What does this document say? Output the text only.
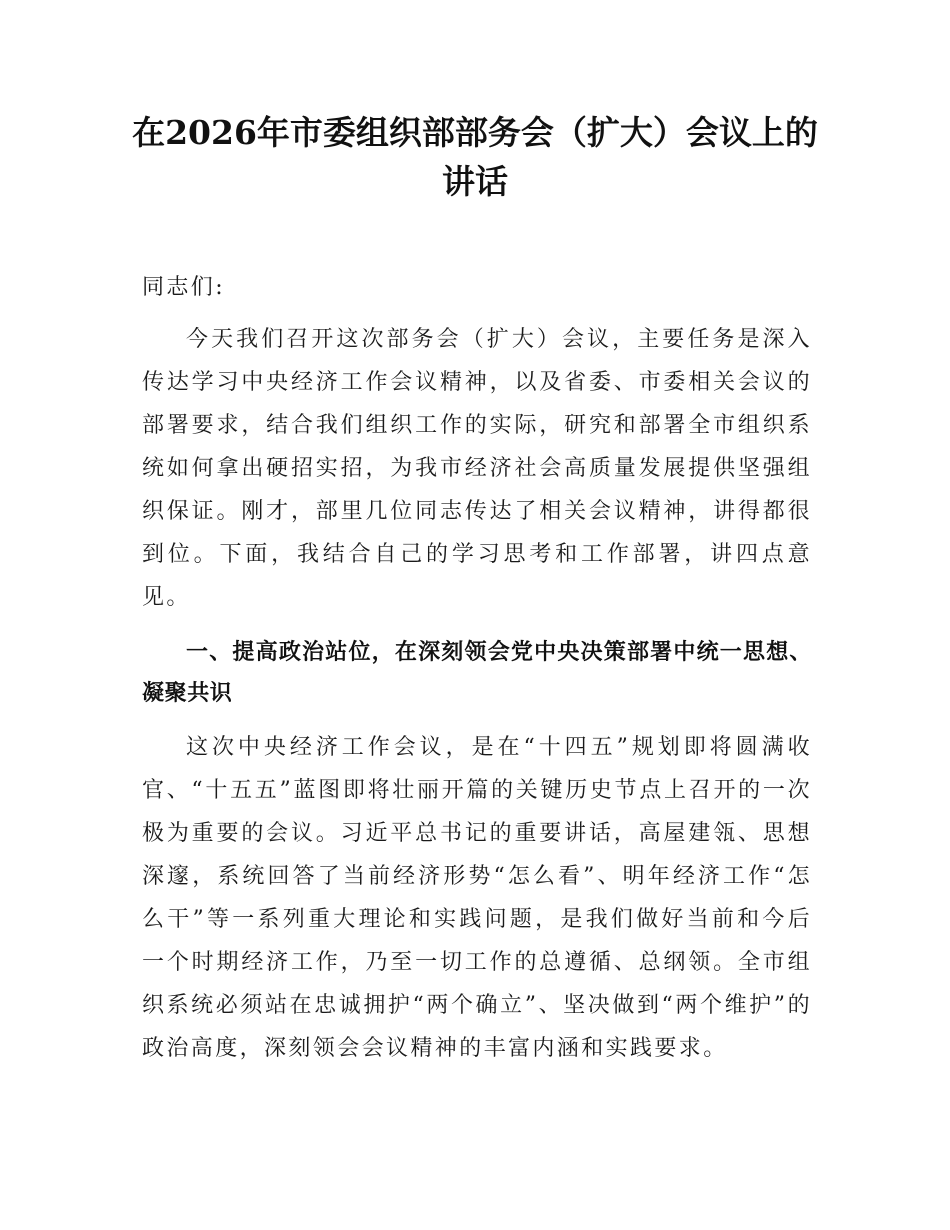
在2026年市委组织部部务会（扩大）会议上的讲话

同志们:

今天我们召开这次部务会（扩大）会议，主要任务是深入传达学习中央经济工作会议精神，以及省委、市委相关会议的部署要求，结合我们组织工作的实际，研究和部署全市组织系统如何拿出硬招实招，为我市经济社会高质量发展提供坚强组织保证。刚才，部里几位同志传达了相关会议精神，讲得都很到位。下面，我结合自己的学习思考和工作部署，讲四点意见。

一、提高政治站位，在深刻领会党中央决策部署中统一思想、凝聚共识

这次中央经济工作会议，是在“十四五”规划即将圆满收官、“十五五”蓝图即将壮丽开篇的关键历史节点上召开的一次极为重要的会议。习近平总书记的重要讲话，高屋建瓴、思想深邃，系统回答了当前经济形势“怎么看”、明年经济工作“怎么干”等一系列重大理论和实践问题，是我们做好当前和今后一个时期经济工作，乃至一切工作的总遵循、总纲领。全市组织系统必须站在忠诚拥护“两个确立”、坚决做到“两个维护”的政治高度，深刻领会会议精神的丰富内涵和实践要求。
